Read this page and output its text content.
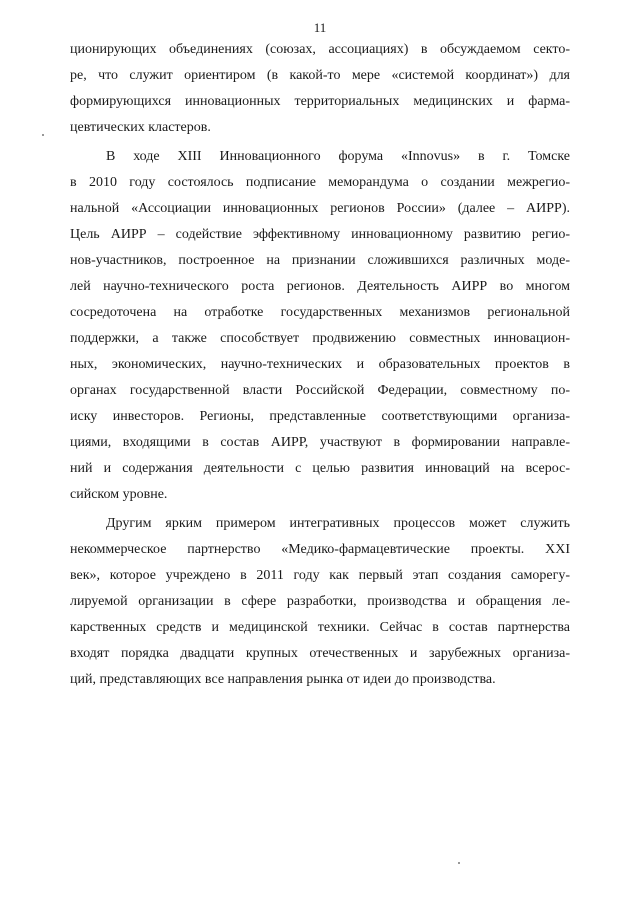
11
ционирующих объединениях (союзах, ассоциациях) в обсуждаемом секто-
ре, что служит ориентиром (в какой-то мере «системой координат») для
формирующихся инновационных территориальных медицинских и фарма-
цевтических кластеров.
В ходе XIII Инновационного форума «Innovus» в г. Томске
в 2010 году состоялось подписание меморандума о создании межрегио-
нальной «Ассоциации инновационных регионов России» (далее – АИРР).
Цель АИРР – содействие эффективному инновационному развитию регио-
нов-участников, построенное на признании сложившихся различных моде-
лей научно-технического роста регионов. Деятельность АИРР во многом
сосредоточена на отработке государственных механизмов региональной
поддержки, а также способствует продвижению совместных инновацион-
ных, экономических, научно-технических и образовательных проектов в
органах государственной власти Российской Федерации, совместному по-
иску инвесторов. Регионы, представленные соответствующими организа-
циями, входящими в состав АИРР, участвуют в формировании направле-
ний и содержания деятельности с целью развития инноваций на всерос-
сийском уровне.
Другим ярким примером интегративных процессов может служить
некоммерческое партнерство «Медико-фармацевтические проекты. XXI
век», которое учреждено в 2011 году как первый этап создания саморегу-
лируемой организации в сфере разработки, производства и обращения ле-
карственных средств и медицинской техники. Сейчас в состав партнерства
входят порядка двадцати крупных отечественных и зарубежных организа-
ций, представляющих все направления рынка от идеи до производства.
